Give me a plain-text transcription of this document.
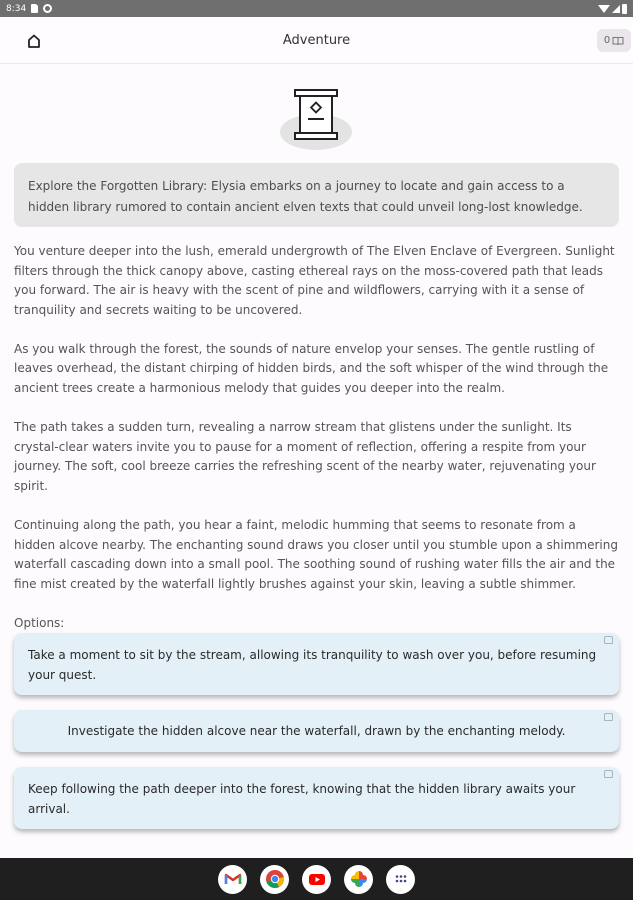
8:34
Adventure	0
Explore the Forgotten Library: Elysia embarks on a journey to locate and gain access to a hidden library rumored to contain ancient elven texts that could unveil long-lost knowledge.

You venture deeper into the lush, emerald undergrowth of The Elven Enclave of Evergreen. Sunlight filters through the thick canopy above, casting ethereal rays on the moss-covered path that leads you forward. The air is heavy with the scent of pine and wildflowers, carrying with it a sense of tranquility and secrets waiting to be uncovered.

As you walk through the forest, the sounds of nature envelop your senses. The gentle rustling of leaves overhead, the distant chirping of hidden birds, and the soft whisper of the wind through the ancient trees create a harmonious melody that guides you deeper into the realm.

The path takes a sudden turn, revealing a narrow stream that glistens under the sunlight. Its crystal-clear waters invite you to pause for a moment of reflection, offering a respite from your journey. The soft, cool breeze carries the refreshing scent of the nearby water, rejuvenating your spirit.

Continuing along the path, you hear a faint, melodic humming that seems to resonate from a hidden alcove nearby. The enchanting sound draws you closer until you stumble upon a shimmering waterfall cascading down into a small pool. The soothing sound of rushing water fills the air and the fine mist created by the waterfall lightly brushes against your skin, leaving a subtle shimmer.

Options:

Take a moment to sit by the stream, allowing its tranquility to wash over you, before resuming your quest.
Investigate the hidden alcove near the waterfall, drawn by the enchanting melody.
Keep following the path deeper into the forest, knowing that the hidden library awaits your arrival.
